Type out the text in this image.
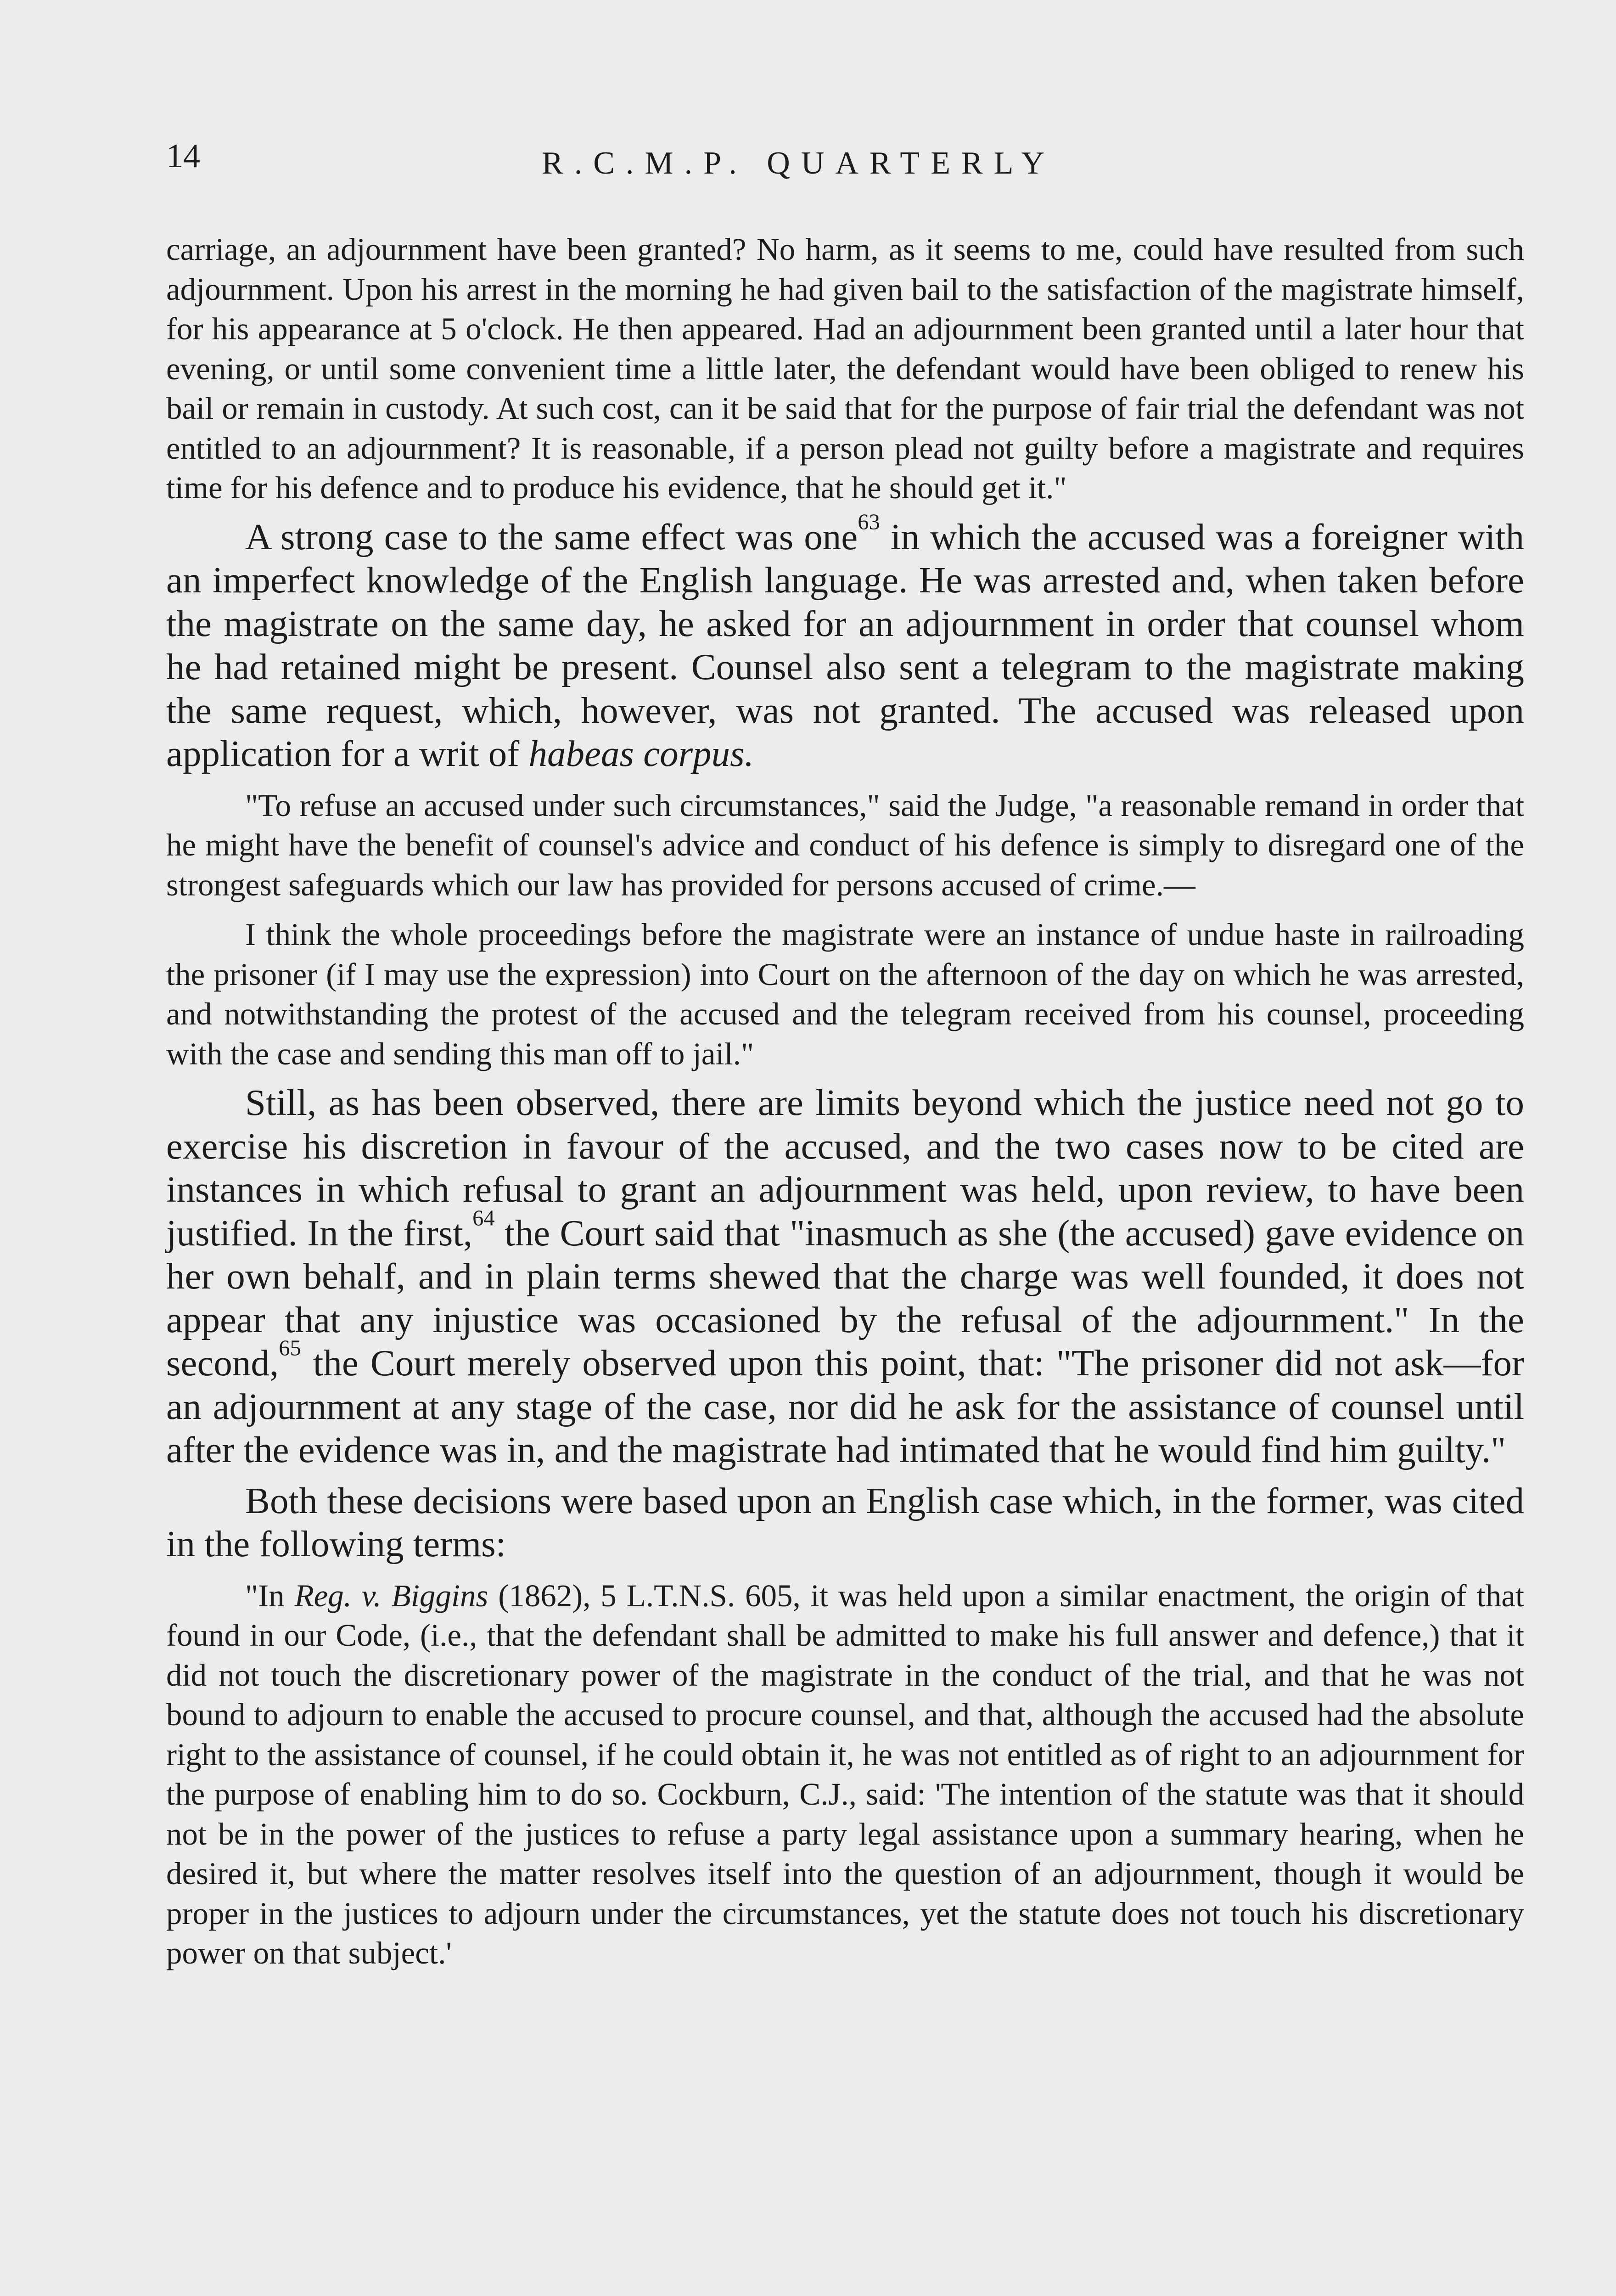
14	R.C.M.P. QUARTERLY

carriage, an adjournment have been granted? No harm, as it seems to me, could have resulted from such adjournment. Upon his arrest in the morning he had given bail to the satisfaction of the magistrate himself, for his appearance at 5 o'clock. He then appeared. Had an adjournment been granted until a later hour that evening, or until some convenient time a little later, the defendant would have been obliged to renew his bail or remain in custody. At such cost, can it be said that for the purpose of fair trial the defendant was not entitled to an adjournment? It is reasonable, if a person plead not guilty before a magistrate and requires time for his defence and to produce his evidence, that he should get it."

A strong case to the same effect was one$^{63}$ in which the accused was a foreigner with an imperfect knowledge of the English language. He was arrested and, when taken before the magistrate on the same day, he asked for an adjournment in order that counsel whom he had retained might be present. Counsel also sent a telegram to the magistrate making the same request, which, however, was not granted. The accused was released upon application for a writ of habeas corpus.

"To refuse an accused under such circumstances," said the Judge, "a reasonable remand in order that he might have the benefit of counsel's advice and conduct of his defence is simply to disregard one of the strongest safeguards which our law has provided for persons accused of crime.—

I think the whole proceedings before the magistrate were an instance of undue haste in railroading the prisoner (if I may use the expression) into Court on the afternoon of the day on which he was arrested, and notwithstanding the protest of the accused and the telegram received from his counsel, proceeding with the case and sending this man off to jail."

Still, as has been observed, there are limits beyond which the justice need not go to exercise his discretion in favour of the accused, and the two cases now to be cited are instances in which refusal to grant an adjournment was held, upon review, to have been justified. In the first,$^{64}$ the Court said that "inasmuch as she (the accused) gave evidence on her own behalf, and in plain terms shewed that the charge was well founded, it does not appear that any injustice was occasioned by the refusal of the adjournment." In the second,$^{65}$ the Court merely observed upon this point, that: "The prisoner did not ask—for an adjournment at any stage of the case, nor did he ask for the assistance of counsel until after the evidence was in, and the magistrate had intimated that he would find him guilty."

Both these decisions were based upon an English case which, in the former, was cited in the following terms:

"In Reg. v. Biggins (1862), 5 L.T.N.S. 605, it was held upon a similar enactment, the origin of that found in our Code, (i.e., that the defendant shall be admitted to make his full answer and defence,) that it did not touch the discretionary power of the magistrate in the conduct of the trial, and that he was not bound to adjourn to enable the accused to procure counsel, and that, although the accused had the absolute right to the assistance of counsel, if he could obtain it, he was not entitled as of right to an adjournment for the purpose of enabling him to do so. Cockburn, C.J., said: 'The intention of the statute was that it should not be in the power of the justices to refuse a party legal assistance upon a summary hearing, when he desired it, but where the matter resolves itself into the question of an adjournment, though it would be proper in the justices to adjourn under the circumstances, yet the statute does not touch his discretionary power on that subject.'
